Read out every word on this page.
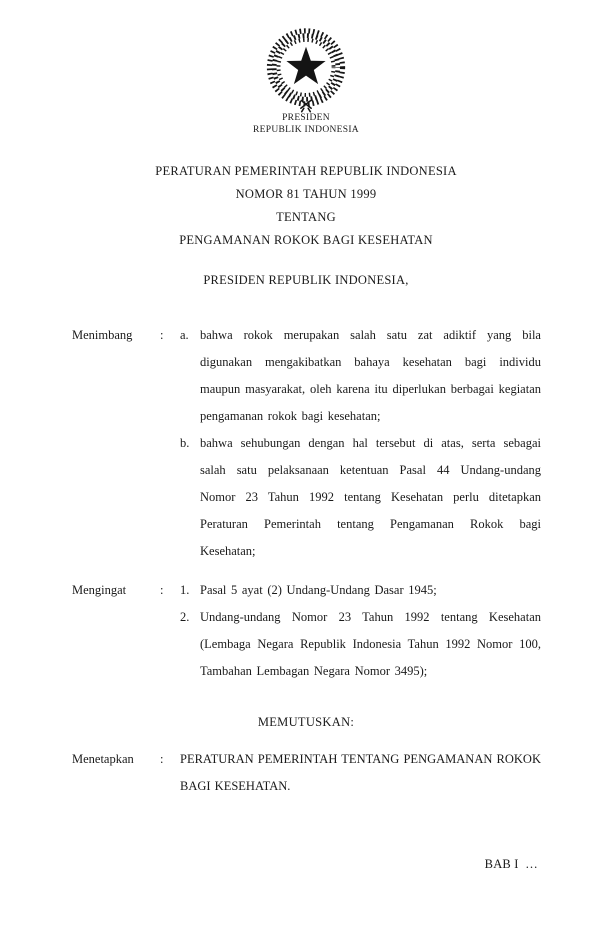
PRESIDEN
REPUBLIK INDONESIA
PERATURAN PEMERINTAH REPUBLIK INDONESIA
NOMOR 81 TAHUN 1999
TENTANG
PENGAMANAN ROKOK BAGI KESEHATAN

PRESIDEN REPUBLIK INDONESIA,

Menimbang	:	a. bahwa rokok merupakan salah satu zat adiktif yang bila digunakan mengakibatkan bahaya kesehatan bagi individu maupun masyarakat, oleh karena itu diperlukan berbagai kegiatan pengamanan rokok bagi kesehatan;
b. bahwa sehubungan dengan hal tersebut di atas, serta sebagai salah satu pelaksanaan ketentuan Pasal 44 Undang-undang Nomor 23 Tahun 1992 tentang Kesehatan perlu ditetapkan Peraturan Pemerintah tentang Pengamanan Rokok bagi Kesehatan;
Mengingat	:	1. Pasal 5 ayat (2) Undang-Undang Dasar 1945;
2. Undang-undang Nomor 23 Tahun 1992 tentang Kesehatan (Lembaga Negara Republik Indonesia Tahun 1992 Nomor 100, Tambahan Lembagan Negara Nomor 3495);

MEMUTUSKAN:

Menetapkan	:	PERATURAN PEMERINTAH TENTANG PENGAMANAN ROKOK BAGI KESEHATAN.
BAB I  …
